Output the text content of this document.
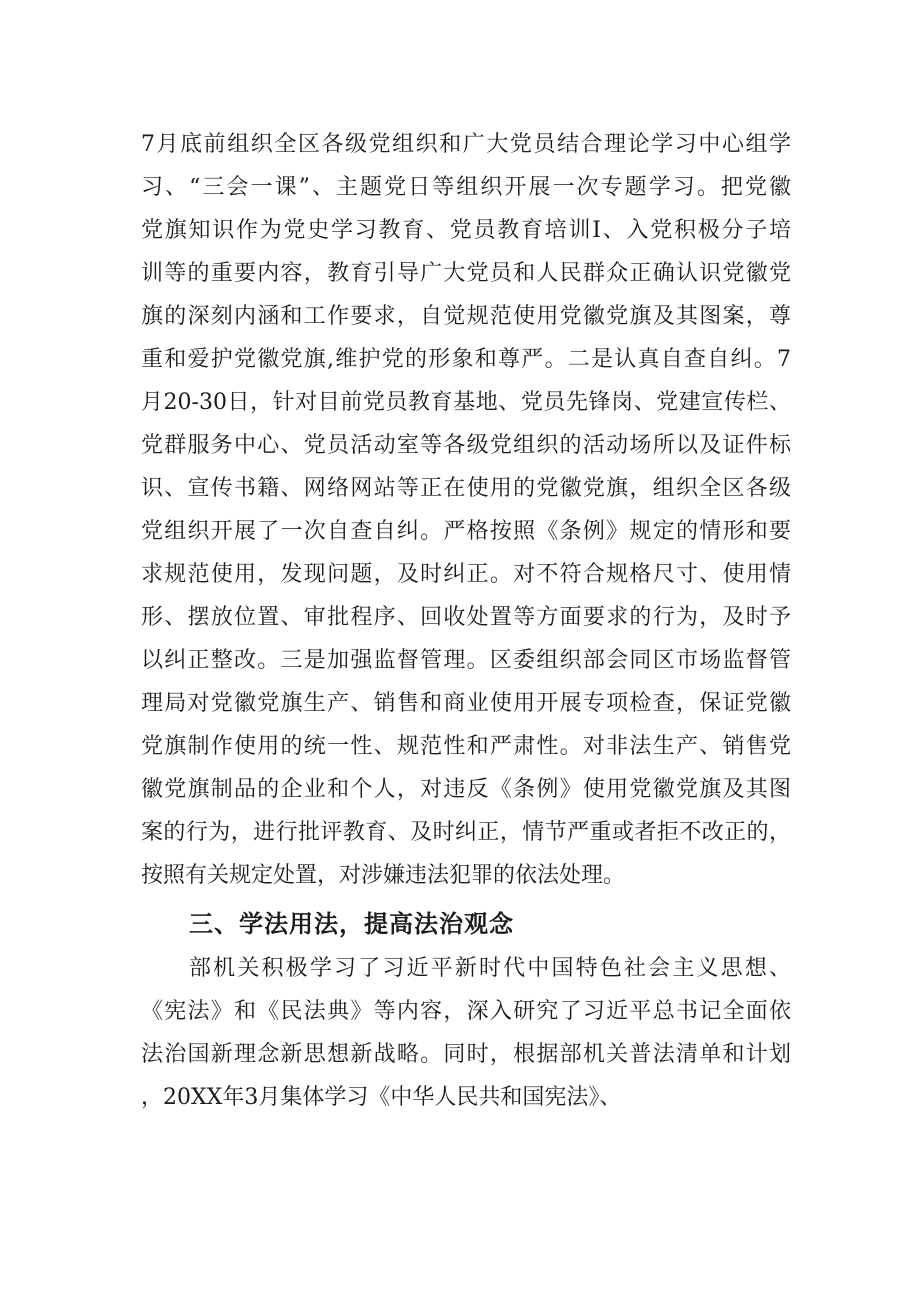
7月底前组织全区各级党组织和广大党员结合理论学习中心组学
习、“三会一课”、主题党日等组织开展一次专题学习。把党徽
党旗知识作为党史学习教育、党员教育培训I、入党积极分子培
训等的重要内容，教育引导广大党员和人民群众正确认识党徽党
旗的深刻内涵和工作要求，自觉规范使用党徽党旗及其图案，尊
重和爱护党徽党旗,维护党的形象和尊严。二是认真自查自纠。7
月20-30日，针对目前党员教育基地、党员先锋岗、党建宣传栏、
党群服务中心、党员活动室等各级党组织的活动场所以及证件标
识、宣传书籍、网络网站等正在使用的党徽党旗，组织全区各级
党组织开展了一次自查自纠。严格按照《条例》规定的情形和要
求规范使用，发现问题，及时纠正。对不符合规格尺寸、使用情
形、摆放位置、审批程序、回收处置等方面要求的行为，及时予
以纠正整改。三是加强监督管理。区委组织部会同区市场监督管
理局对党徽党旗生产、销售和商业使用开展专项检查，保证党徽
党旗制作使用的统一性、规范性和严肃性。对非法生产、销售党
徽党旗制品的企业和个人，对违反《条例》使用党徽党旗及其图
案的行为，进行批评教育、及时纠正，情节严重或者拒不改正的，
按照有关规定处置，对涉嫌违法犯罪的依法处理。
三、学法用法，提高法治观念
部机关积极学习了习近平新时代中国特色社会主义思想、
《宪法》和《民法典》等内容，深入研究了习近平总书记全面依
法治国新理念新思想新战略。同时，根据部机关普法清单和计划
，20XX年3月集体学习《中华人民共和国宪法》、
